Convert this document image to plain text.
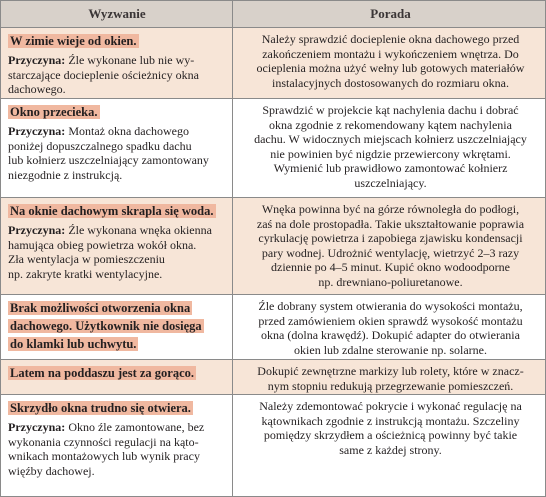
Wyzwanie	Porada
W zimie wieje od okien.
Przyczyna: Źle wykonane lub nie wy-
starczające docieplenie ościeżnicy okna
dachowego.

Należy sprawdzić docieplenie okna dachowego przed
zakończeniem montażu i wykończeniem wnętrza. Do
ocieplenia można użyć wełny lub gotowych materiałów
instalacyjnych dostosowanych do rozmiaru okna.

Okno przecieka.
Przyczyna: Montaż okna dachowego
poniżej dopuszczalnego spadku dachu
lub kołnierz uszczelniający zamontowany
niezgodnie z instrukcją.

Sprawdzić w projekcie kąt nachylenia dachu i dobrać
okna zgodnie z rekomendowany kątem nachylenia
dachu. W widocznych miejscach kołnierz uszczelniający
nie powinien być nigdzie przewiercony wkrętami.
Wymienić lub prawidłowo zamontować kołnierz
uszczelniający.

Na oknie dachowym skrapla się woda.
Przyczyna: Źle wykonana wnęka okienna
hamująca obieg powietrza wokół okna.
Zła wentylacja w pomieszczeniu
np. zakryte kratki wentylacyjne.

Wnęka powinna być na górze równoległa do podłogi,
zaś na dole prostopadła. Takie ukształtowanie poprawia
cyrkulację powietrza i zapobiega zjawisku kondensacji
pary wodnej. Udrożnić wentylację, wietrzyć 2–3 razy
dziennie po 4–5 minut. Kupić okno wodoodporne
np. drewniano-poliuretanowe.

Brak możliwości otworzenia okna
dachowego. Użytkownik nie dosięga
do klamki lub uchwytu.

Źle dobrany system otwierania do wysokości montażu,
przed zamówieniem okien sprawdź wysokość montażu
okna (dolna krawędź). Dokupić adapter do otwierania
okien lub zdalne sterowanie np. solarne.

Latem na poddaszu jest za gorąco.	Dokupić zewnętrzne markizy lub rolety, które w znacz-
nym stopniu redukują przegrzewanie pomieszczeń.

Skrzydło okna trudno się otwiera.
Przyczyna: Okno źle zamontowane, bez
wykonania czynności regulacji na kąto-
wnikach montażowych lub wynik pracy
więźby dachowej.

Należy zdemontować pokrycie i wykonać regulację na
kątownikach zgodnie z instrukcją montażu. Szczeliny
pomiędzy skrzydłem a ościeżnicą powinny być takie
same z każdej strony.
